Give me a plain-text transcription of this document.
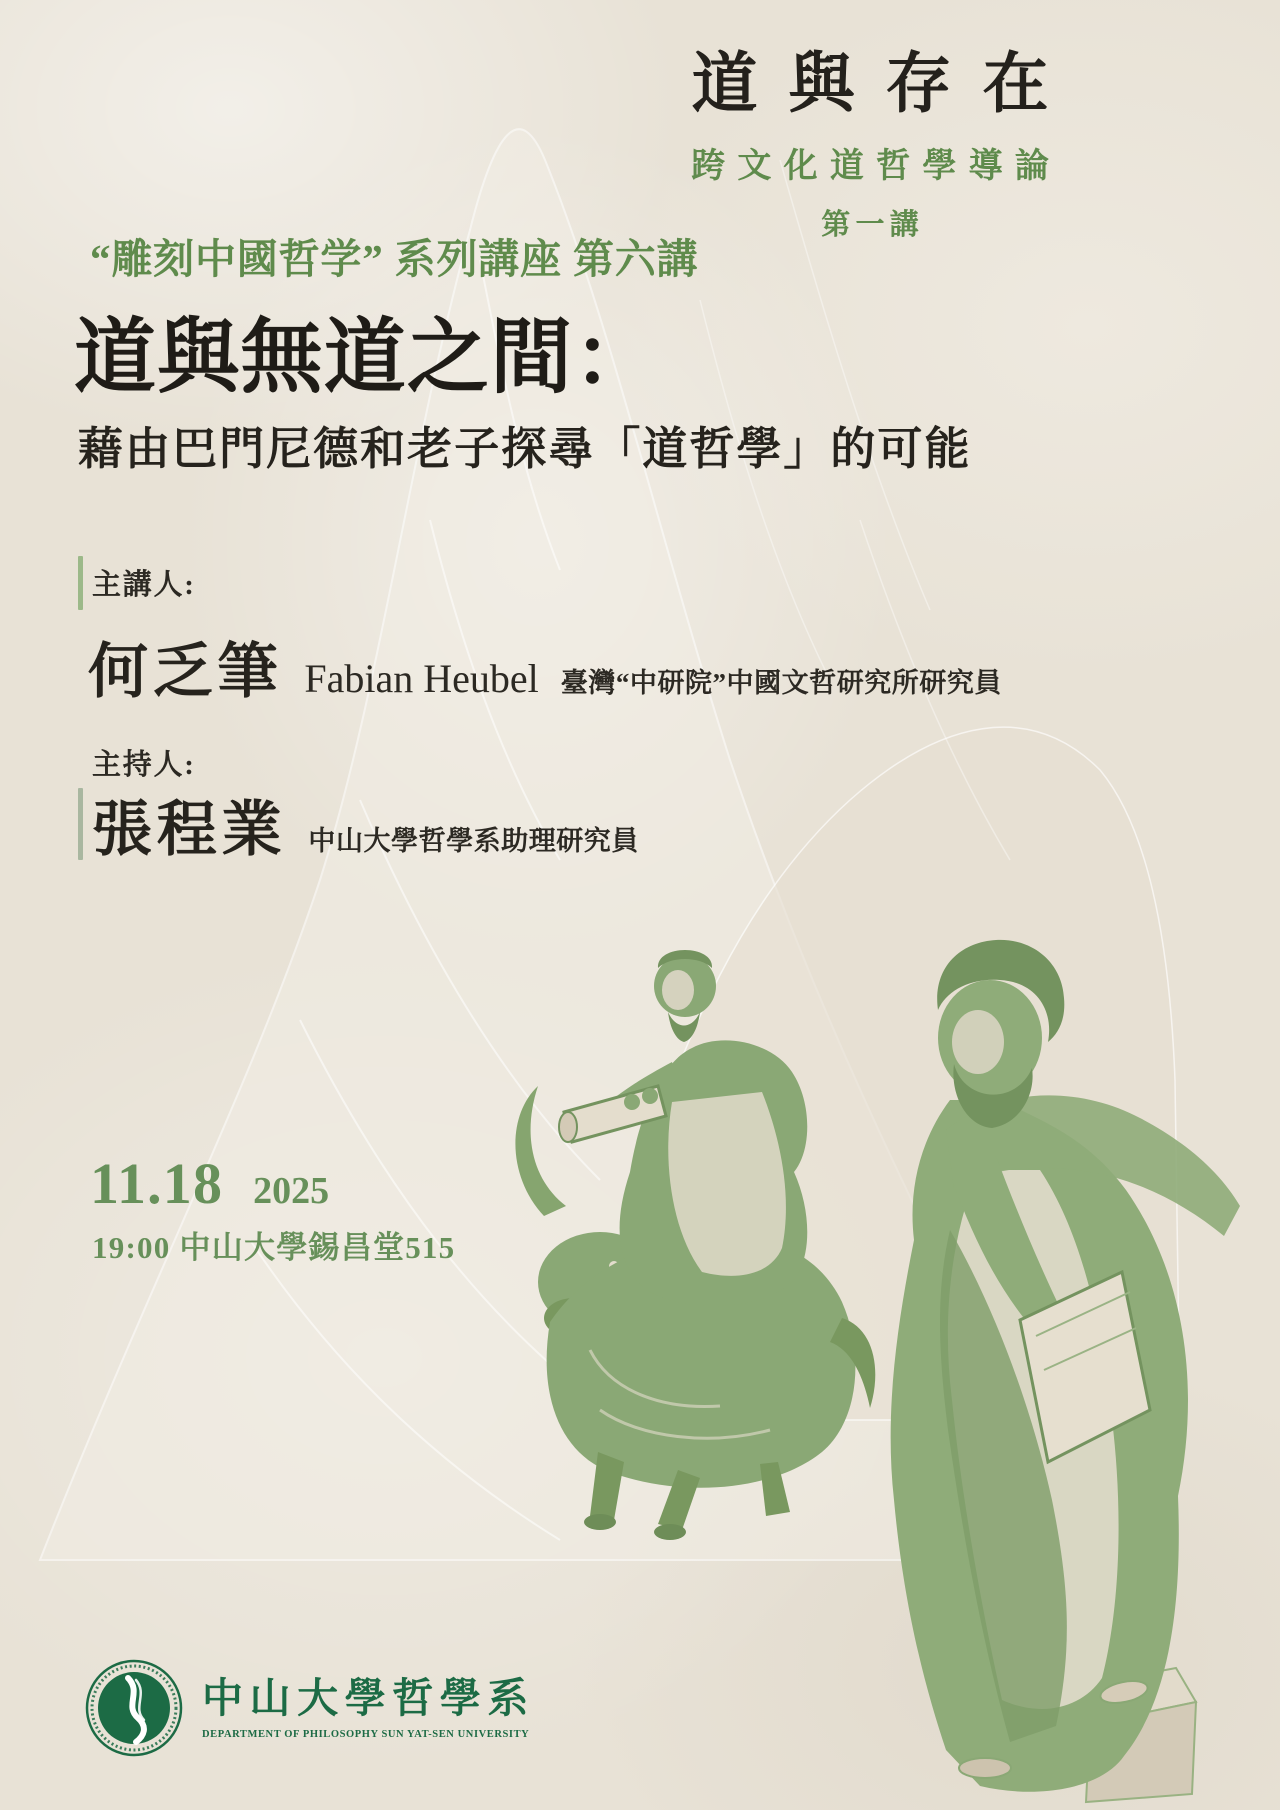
道與存在
跨文化道哲學導論
第一講
“雕刻中國哲学” 系列講座 第六講
道與無道之間：
藉由巴門尼德和老子探尋「道哲學」的可能
主講人:
何乏筆 Fabian Heubel 臺灣“中研院”中國文哲研究所研究員
主持人:
張程業 中山大學哲學系助理研究員
11.18 2025
19:00 中山大學錫昌堂515
中山大學哲學系
DEPARTMENT OF PHILOSOPHY SUN YAT-SEN UNIVERSITY
